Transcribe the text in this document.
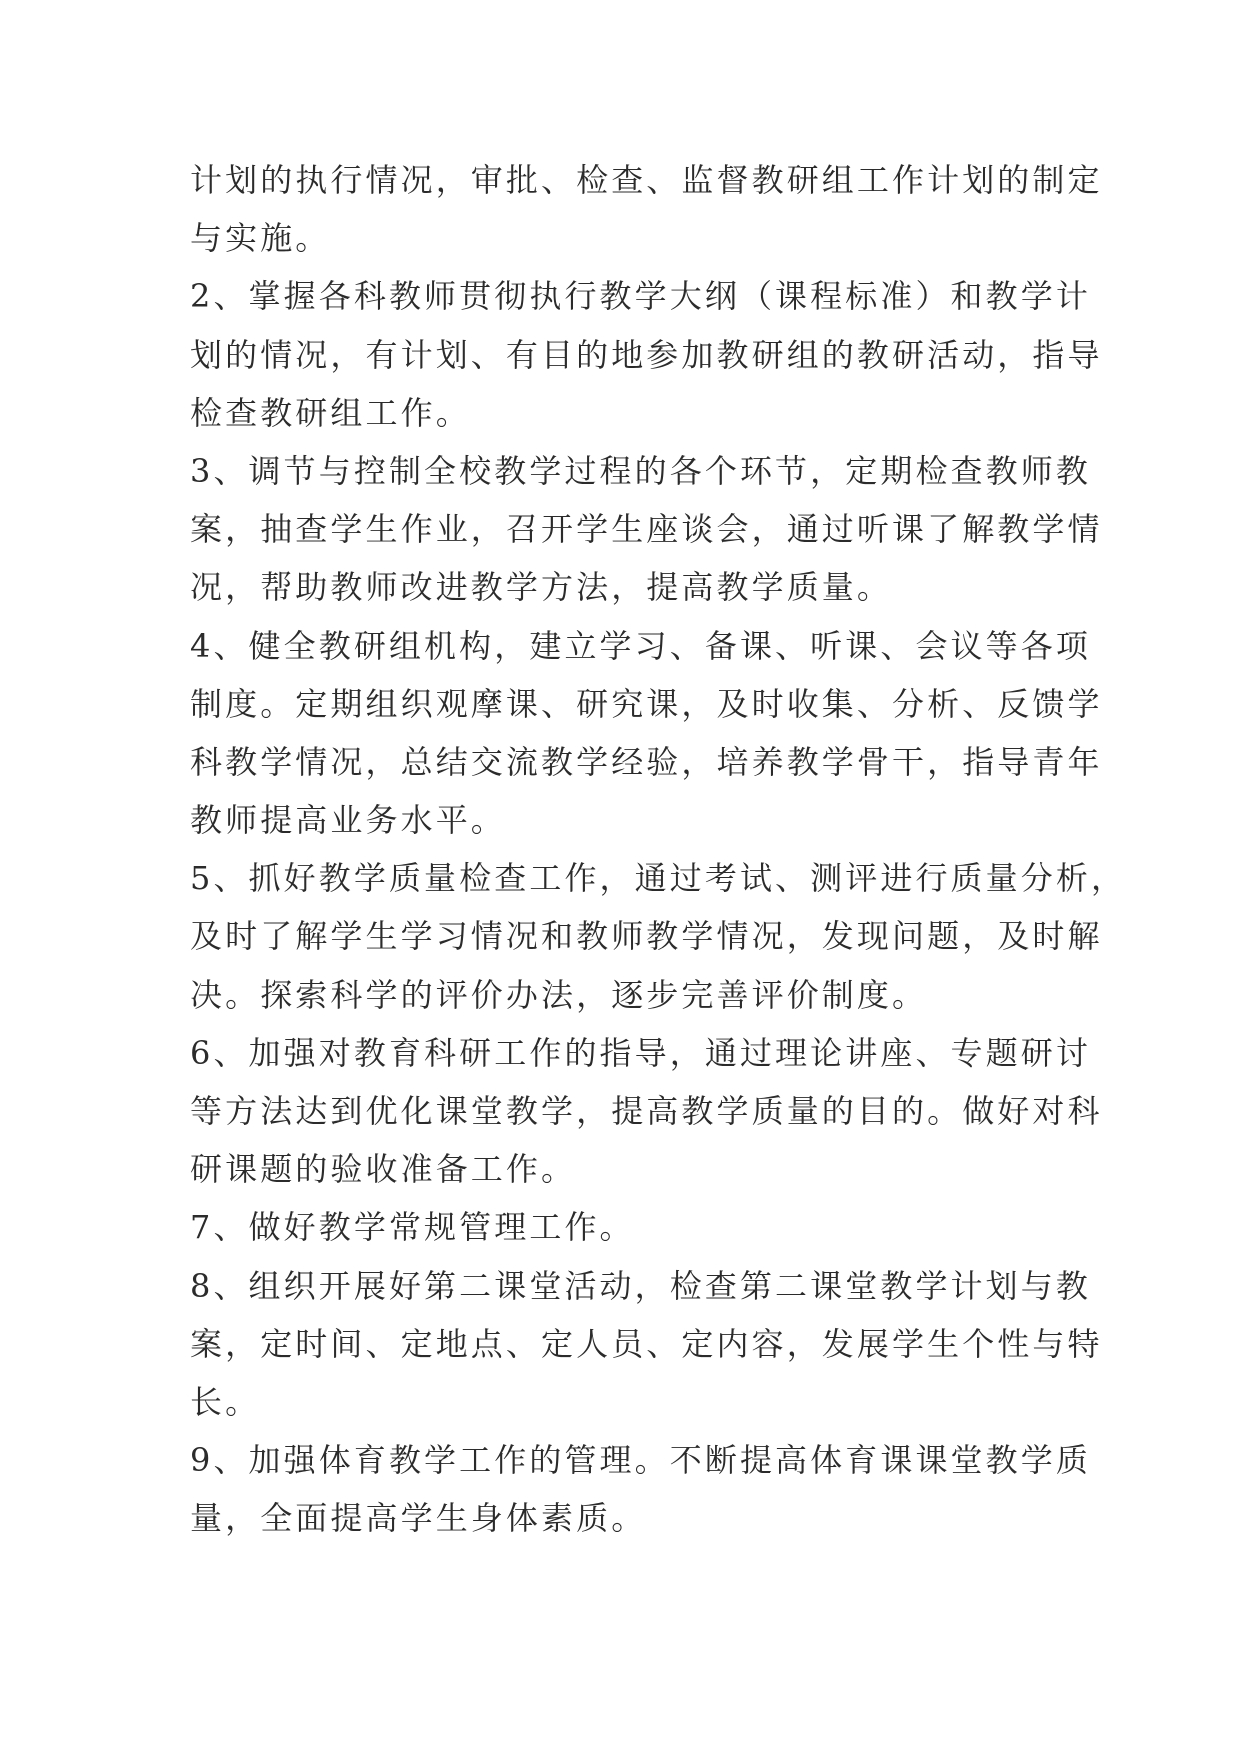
计划的执行情况，审批、检查、监督教研组工作计划的制定
与实施。
2、掌握各科教师贯彻执行教学大纲（课程标准）和教学计
划的情况，有计划、有目的地参加教研组的教研活动，指导
检查教研组工作。
3、调节与控制全校教学过程的各个环节，定期检查教师教
案，抽查学生作业，召开学生座谈会，通过听课了解教学情
况，帮助教师改进教学方法，提高教学质量。
4、健全教研组机构，建立学习、备课、听课、会议等各项
制度。定期组织观摩课、研究课，及时收集、分析、反馈学
科教学情况，总结交流教学经验，培养教学骨干，指导青年
教师提高业务水平。
5、抓好教学质量检查工作，通过考试、测评进行质量分析，
及时了解学生学习情况和教师教学情况，发现问题，及时解
决。探索科学的评价办法，逐步完善评价制度。
6、加强对教育科研工作的指导，通过理论讲座、专题研讨
等方法达到优化课堂教学，提高教学质量的目的。做好对科
研课题的验收准备工作。
7、做好教学常规管理工作。
8、组织开展好第二课堂活动，检查第二课堂教学计划与教
案，定时间、定地点、定人员、定内容，发展学生个性与特
长。
9、加强体育教学工作的管理。不断提高体育课课堂教学质
量，全面提高学生身体素质。
